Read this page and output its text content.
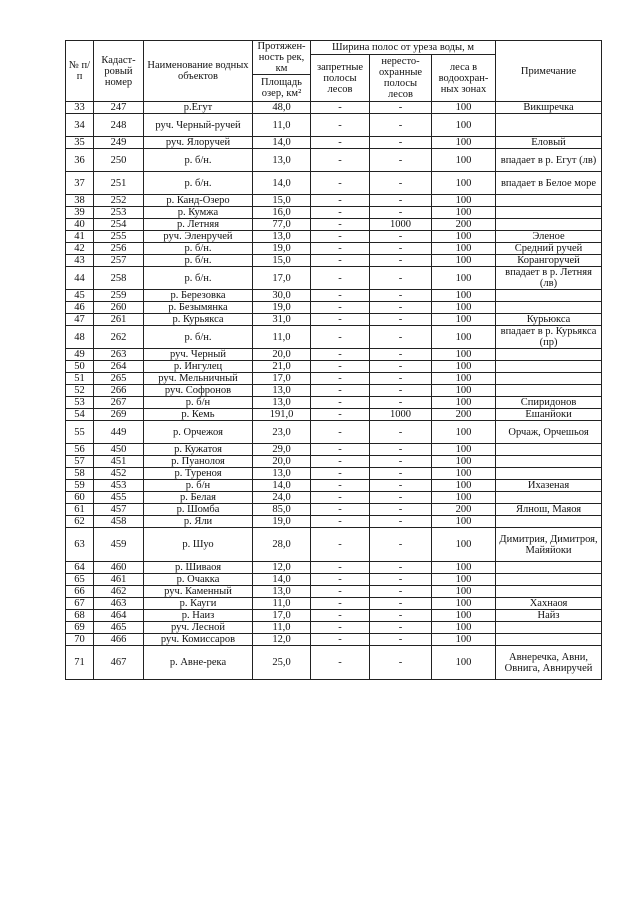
№ п/п	Кадаст-ровый номер	Наименование водных объектов	Протяжен-ность рек, км	Ширина полос от уреза воды, м			Примечание
				запретные полосы лесов	нересто-охранные полосы лесов	леса в водоохран-ных зонах	
			Площадь озер, км²				
33	247	р.Егут	48,0	-	-	100	Викшречка
34	248	руч. Черный-ручей	11,0	-	-	100	
35	249	руч. Ялоручей	14,0	-	-	100	Еловый
36	250	р. б/н.	13,0	-	-	100	впадает в р. Егут (лв)
37	251	р. б/н.	14,0	-	-	100	впадает в Белое море
38	252	р. Канд-Озеро	15,0	-	-	100	
39	253	р. Кумжа	16,0	-	-	100	
40	254	р. Летняя	77,0	-	1000	200	
41	255	руч. Эленручей	13,0	-	-	100	Эленое
42	256	р. б/н.	19,0	-	-	100	Средний ручей
43	257	р. б/н.	15,0	-	-	100	Корангоручей
44	258	р. б/н.	17,0	-	-	100	впадает в р. Летняя (лв)
45	259	р. Березовка	30,0	-	-	100	
46	260	р. Безымянка	19,0	-	-	100	
47	261	р. Курьякса	31,0	-	-	100	Курьюкса
48	262	р. б/н.	11,0	-	-	100	впадает в р. Курьякса (пр)
49	263	руч. Черный	20,0	-	-	100	
50	264	р. Ингулец	21,0	-	-	100	
51	265	руч. Мельничный	17,0	-	-	100	
52	266	руч. Софронов	13,0	-	-	100	
53	267	р. б/н	13,0	-	-	100	Спиридонов
54	269	р. Кемь	191,0	-	1000	200	Ешанйоки
55	449	р. Орчежоя	23,0	-	-	100	Орчаж, Орчешьоя
56	450	р. Кужатоя	29,0	-	-	100	
57	451	р. Пуанолоя	20,0	-	-	100	
58	452	р. Туреноя	13,0	-	-	100	
59	453	р. б/н	14,0	-	-	100	Ихазеная
60	455	р. Белая	24,0	-	-	100	
61	457	р. Шомба	85,0	-	-	200	Ялнош, Маяоя
62	458	р. Яли	19,0	-	-	100	
63	459	р. Шуо	28,0	-	-	100	Димитрия, Димитроя, Майяйоки
64	460	р. Шиваоя	12,0	-	-	100	
65	461	р. Очакка	14,0	-	-	100	
66	462	руч. Каменный	13,0	-	-	100	
67	463	р. Кауги	11,0	-	-	100	Хахнаоя
68	464	р. Наиз	17,0	-	-	100	Найз
69	465	руч. Лесной	11,0	-	-	100	
70	466	руч. Комиссаров	12,0	-	-	100	
71	467	р. Авне-река	25,0	-	-	100	Авнеречка, Авни, Овнига, Авниручей
